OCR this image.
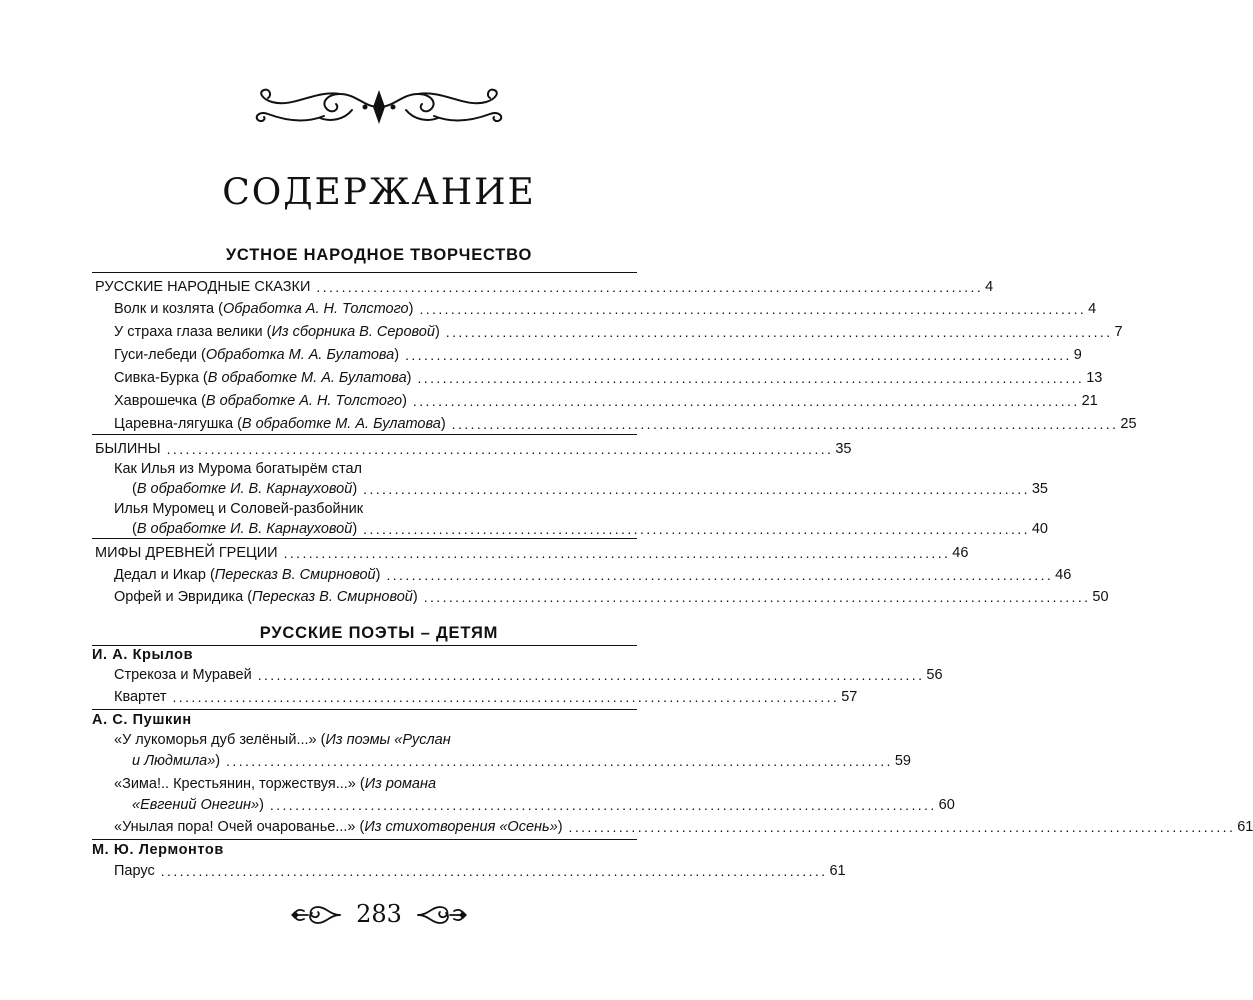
СОДЕРЖАНИЕ
УСТНОЕ НАРОДНОЕ ТВОРЧЕСТВО
РУССКИЕ НАРОДНЫЕ СКАЗКИ .......................................................................................................... 4
Волк и козлята (Обработка А. Н. Толстого) .......................................................................................................... 4
У страха глаза велики (Из сборника В. Серовой) .......................................................................................................... 7
Гуси-лебеди (Обработка М. А. Булатова) .......................................................................................................... 9
Сивка-Бурка (В обработке М. А. Булатова) .......................................................................................................... 13
Хаврошечка (В обработке А. Н. Толстого) .......................................................................................................... 21
Царевна-лягушка (В обработке М. А. Булатова) .......................................................................................................... 25
БЫЛИНЫ .......................................................................................................... 35
Как Илья из Мурома богатырём стал
(В обработке И. В. Карнауховой) .......................................................................................................... 35
Илья Муромец и Соловей-разбойник
(В обработке И. В. Карнауховой) .......................................................................................................... 40
МИФЫ ДРЕВНЕЙ ГРЕЦИИ .......................................................................................................... 46
Дедал и Икар (Пересказ В. Смирновой) .......................................................................................................... 46
Орфей и Эвридика (Пересказ В. Смирновой) .......................................................................................................... 50
РУССКИЕ ПОЭТЫ – ДЕТЯМ
И. А. Крылов
Стрекоза и Муравей .......................................................................................................... 56
Квартет .......................................................................................................... 57
А. С. Пушкин
«У лукоморья дуб зелёный...» (Из поэмы «Руслан
и Людмила») .......................................................................................................... 59
«Зима!.. Крестьянин, торжествуя...» (Из романа
«Евгений Онегин») .......................................................................................................... 60
«Унылая пора! Очей очарованье...» (Из стихотворения «Осень») .......................................................................................................... 61
М. Ю. Лермонтов
Парус .......................................................................................................... 61
283
